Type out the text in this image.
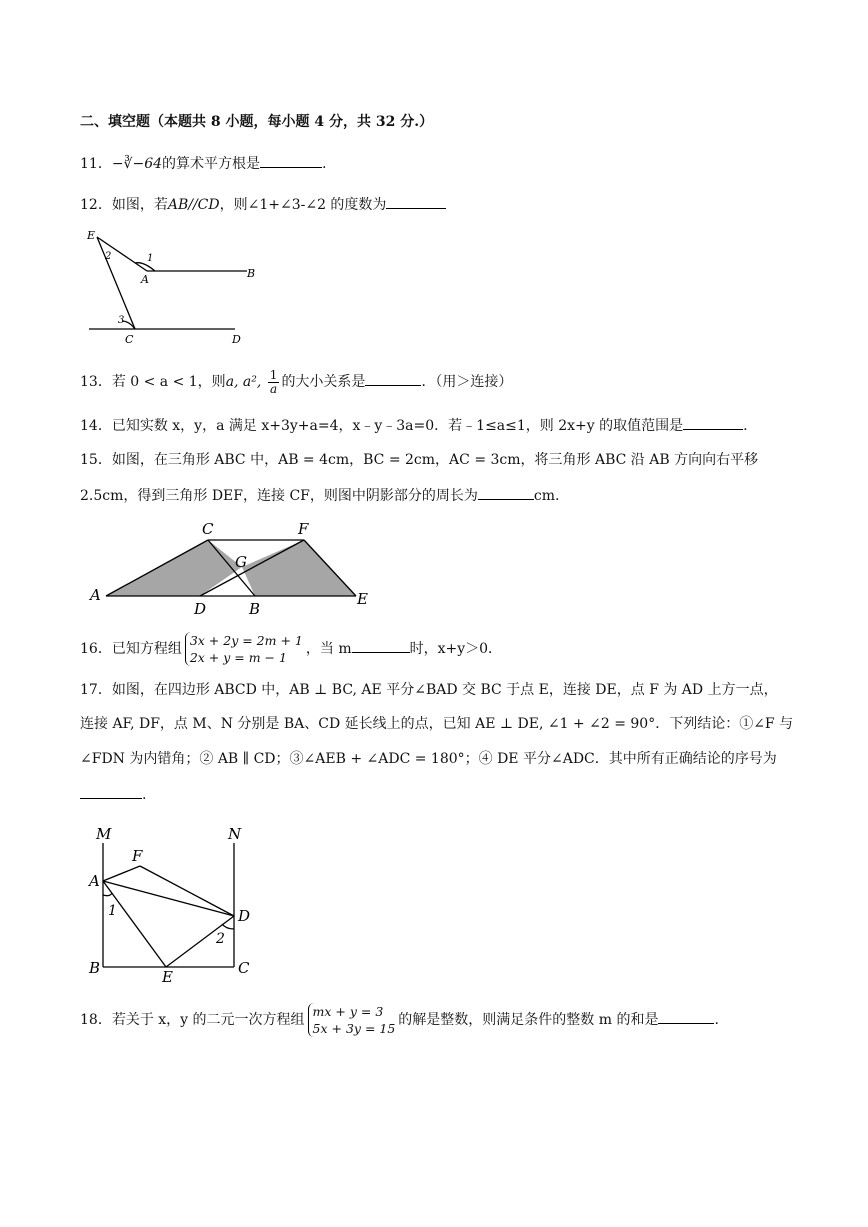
二、填空题（本题共 8 小题，每小题 4 分，共 32 分.）
11．−∛−64的算术平方根是	.
12．如图，若AB//CD，则∠1+∠3-∠2 的度数为
E
A	B
C	D
1
2
3
13．若 0 < a < 1，则a, a², $\frac{1}{a}$ 的大小关系是	．（用＞连接）
14．已知实数 x，y，a 满足 x+3y+a=4，x﹣y﹣3a=0．若﹣1≤a≤1，则 2x+y 的取值范围是	.
15．如图，在三角形 ABC 中，AB = 4cm，BC = 2cm，AC = 3cm，将三角形 ABC 沿 AB 方向向右平移
2.5cm，得到三角形 DEF，连接 CF，则图中阴影部分的周长为	cm.
A
C	F
G
D	B
E
16．已知方程组
3x + 2y = 2m + 1
2x + y = m − 1
，当 m	时，x+y＞0．
17．如图，在四边形 ABCD 中，AB ⊥ BC, AE 平分∠BAD 交 BC 于点 E，连接 DE，点 F 为 AD 上方一点，
连接 AF, DF，点 M、N 分别是 BA、CD 延长线上的点，已知 AE ⊥ DE, ∠1 + ∠2 = 90°．下列结论：①∠F 与
∠FDN 为内错角；② AB ∥ CD；③∠AEB + ∠ADC = 180°；④ DE 平分∠ADC．其中所有正确结论的序号为
.
M	N
F
A
D
B	E	C
1
2
18．若关于 x，y 的二元一次方程组
mx + y = 3
5x + 3y = 15
的解是整数，则满足条件的整数 m 的和是	.
